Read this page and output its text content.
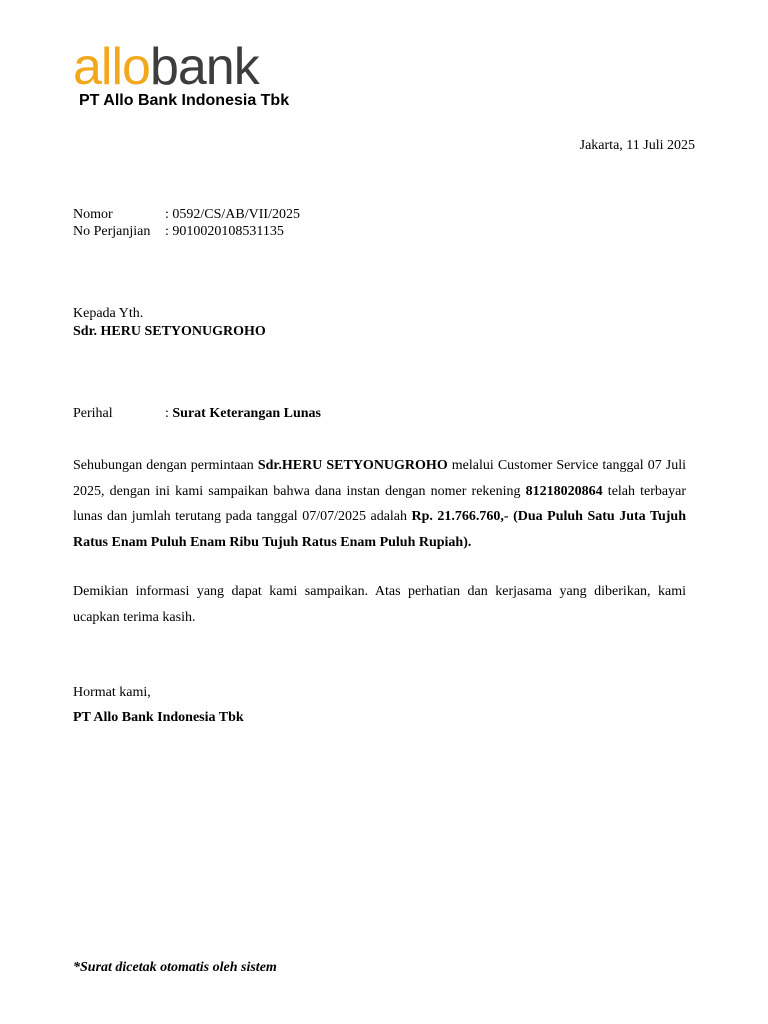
allobank
PT Allo Bank Indonesia Tbk
Jakarta, 11 Juli 2025
Nomor	: 0592/CS/AB/VII/2025
No Perjanjian	: 9010020108531135
Kepada Yth.
Sdr. HERU SETYONUGROHO
Perihal	: Surat Keterangan Lunas
Sehubungan dengan permintaan Sdr.HERU SETYONUGROHO melalui Customer Service tanggal 07 Juli 2025, dengan ini kami sampaikan bahwa dana instan dengan nomer rekening 81218020864 telah terbayar lunas dan jumlah terutang pada tanggal 07/07/2025 adalah Rp. 21.766.760,- (Dua Puluh Satu Juta Tujuh Ratus Enam Puluh Enam Ribu Tujuh Ratus Enam Puluh Rupiah).
Demikian informasi yang dapat kami sampaikan. Atas perhatian dan kerjasama yang diberikan, kami ucapkan terima kasih.
Hormat kami,
PT Allo Bank Indonesia Tbk
*Surat dicetak otomatis oleh sistem
